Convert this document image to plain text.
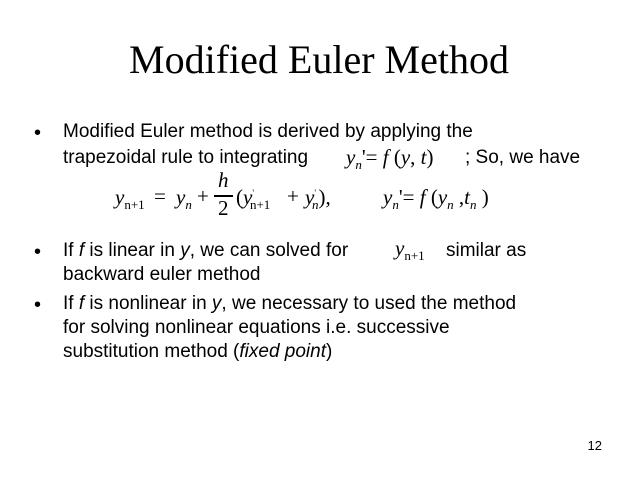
Modified Euler Method
• Modified Euler method is derived by applying the
trapezoidal rule to integrating $y_n'= f$ (y, t) ; So, we have
$y_{n+1} = y_n$ +
h
2 $(y'_{n+1} + y'_n)$, $y_n'= f$ ($y_n$ $,t_n$ )
• If f is linear in y, we can solved for $y_{n+1}$ similar as
backward euler method
• If f is nonlinear in y, we necessary to used the method
for solving nonlinear equations i.e. successive
substitution method (fixed point)
12
